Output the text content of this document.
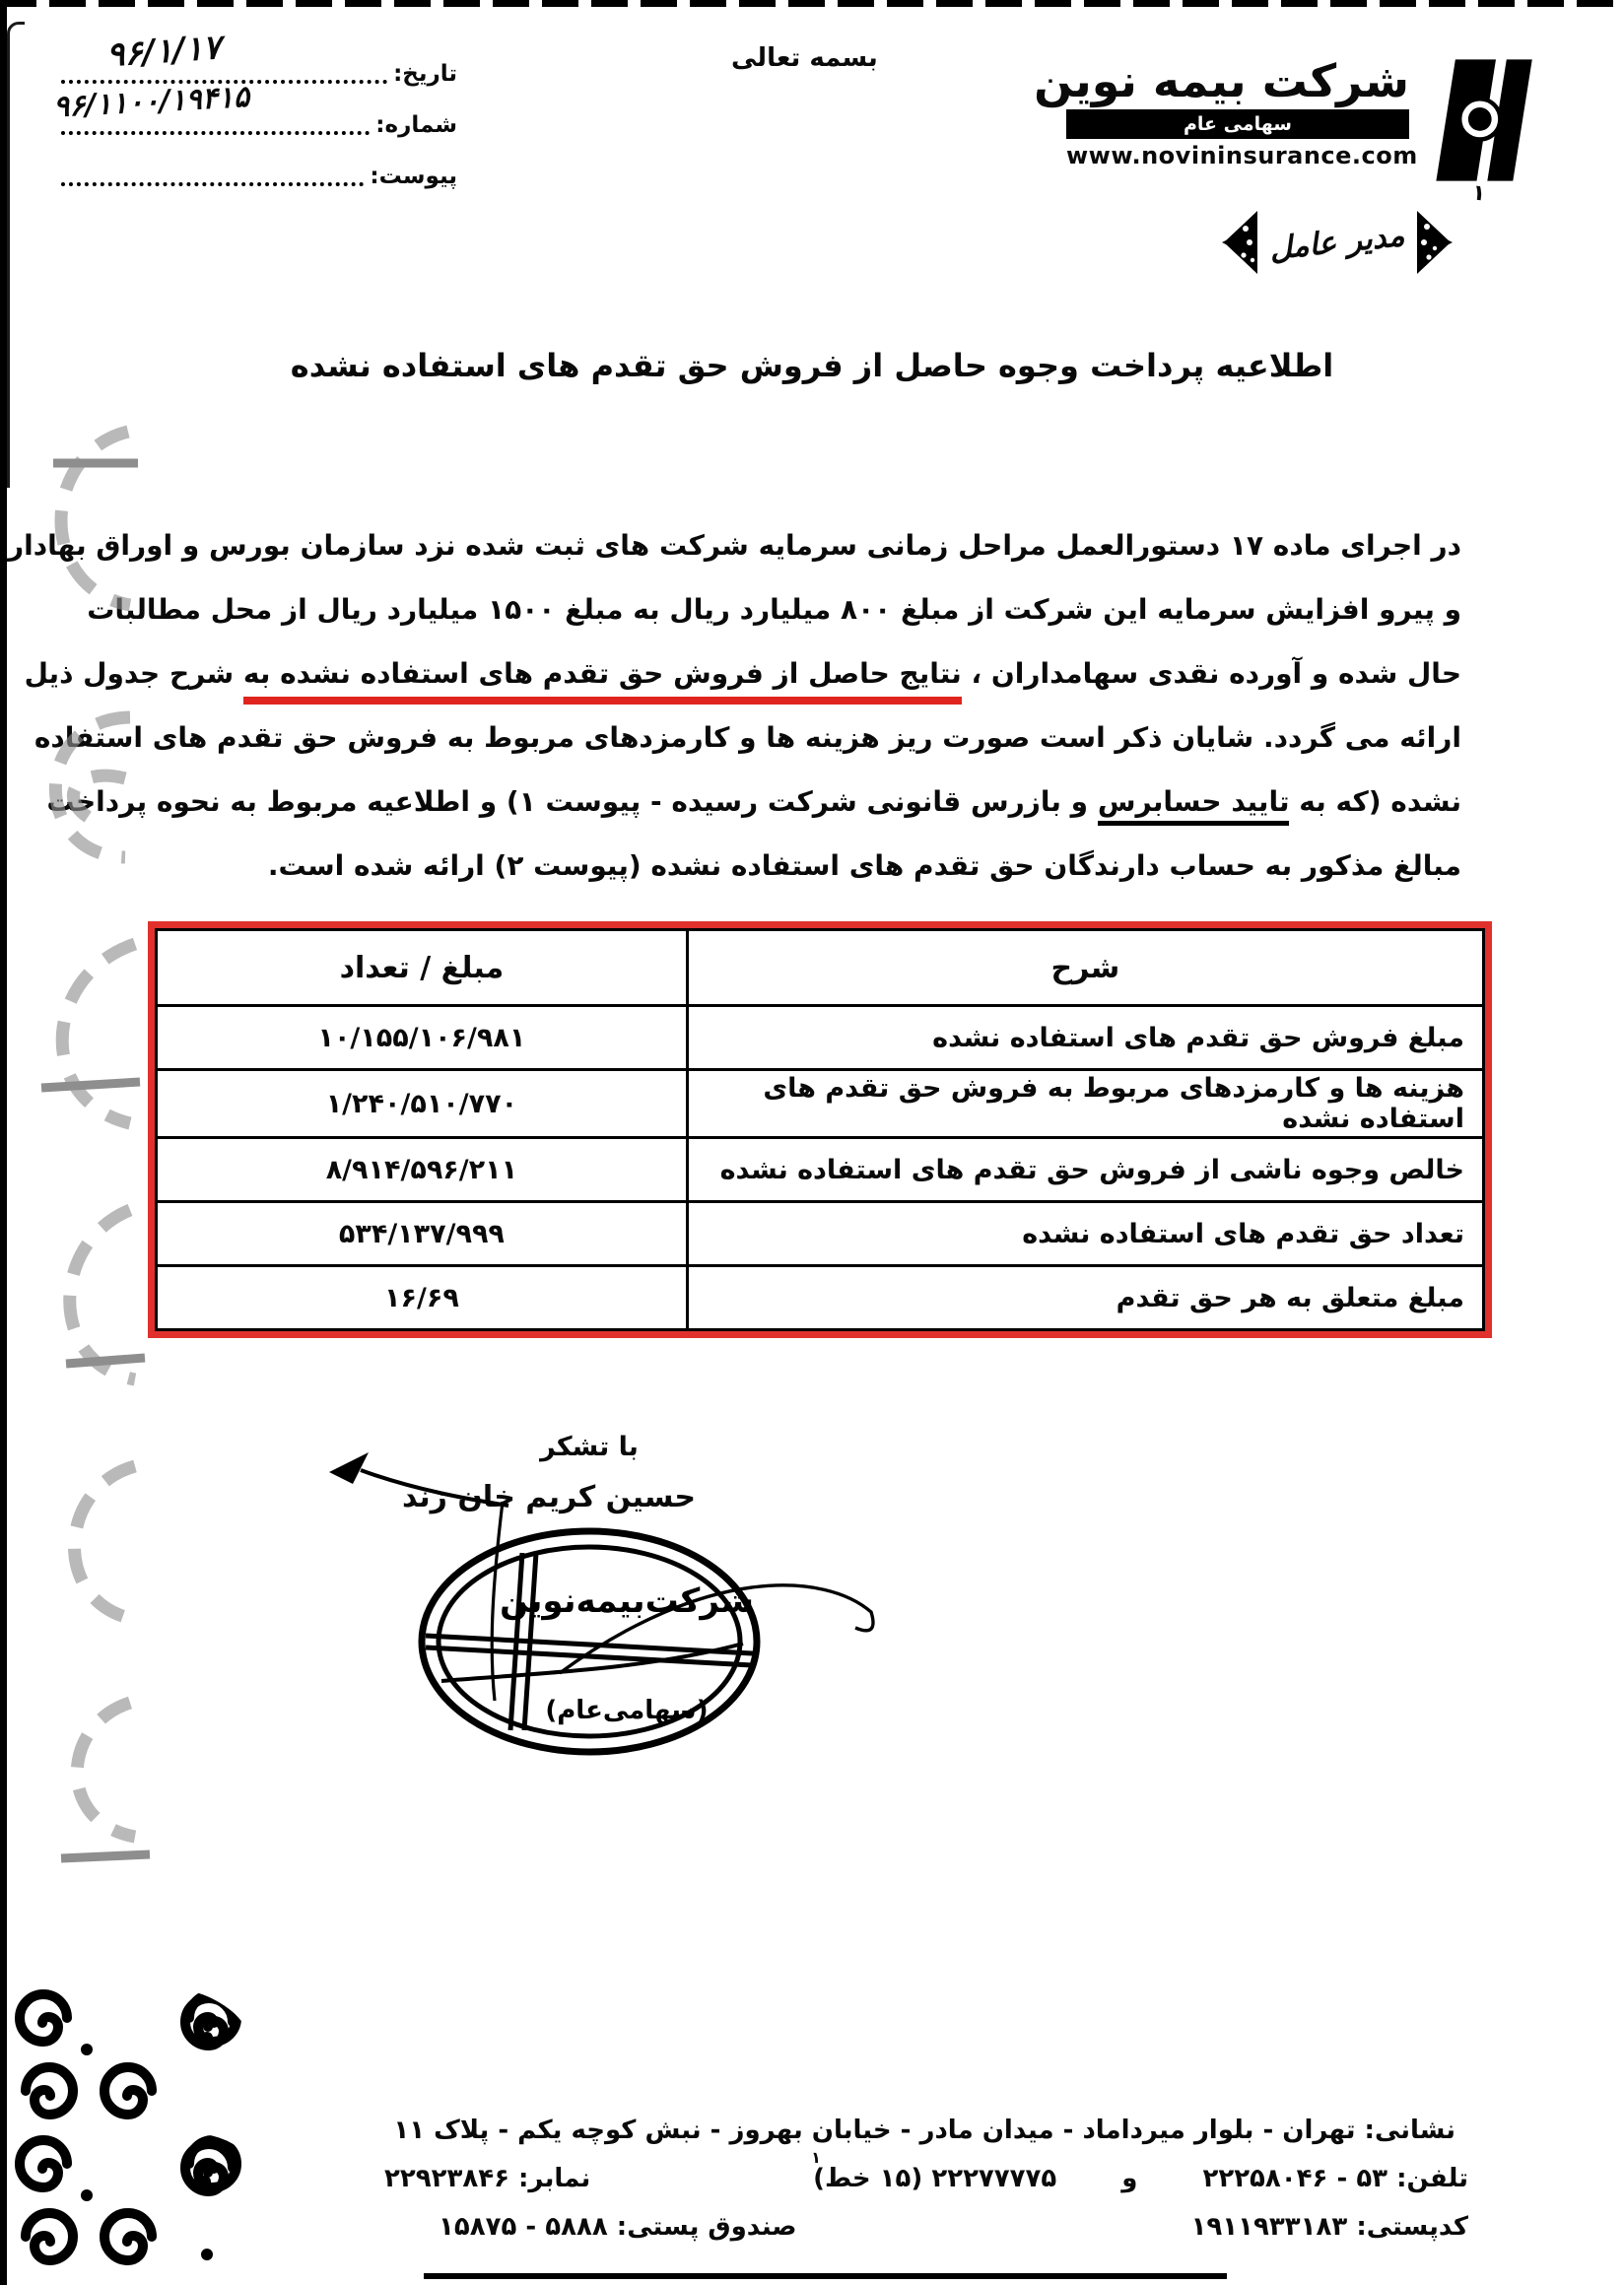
تاریخ:
۹۶/۱/۱۷
شماره:
۹۶/۱۱۰۰/۱۹۴۱۵
پیوست:
بسمه تعالی	شرکت بیمه نوین
سهامی عام
www.novininsurance.com
مدیر عامل
اطلاعیه پرداخت وجوه حاصل از فروش حق تقدم های استفاده نشده
در اجرای ماده ۱۷ دستورالعمل مراحل زمانی سرمایه شرکت های ثبت شده نزد سازمان بورس و اوراق بهادار
و پیرو افزایش سرمایه این شرکت از مبلغ ۸۰۰ میلیارد ریال به مبلغ ۱۵۰۰ میلیارد ریال از محل مطالبات
حال شده و آورده نقدی سهامداران ، نتایج حاصل از فروش حق تقدم های استفاده نشده به شرح جدول ذیل
ارائه می گردد. شایان ذکر است صورت ریز هزینه ها و کارمزدهای مربوط به فروش حق تقدم های استفاده
نشده (که به تایید حسابرس و بازرس قانونی شرکت رسیده - پیوست ۱) و اطلاعیه مربوط به نحوه پرداخت
مبالغ مذکور به حساب دارندگان حق تقدم های استفاده نشده (پیوست ۲) ارائه شده است.
شرح	مبلغ / تعداد
مبلغ فروش حق تقدم های استفاده نشده	۱۰/۱۵۵/۱۰۶/۹۸۱
هزینه ها و کارمزدهای مربوط به فروش حق تقدم های استفاده نشده	۱/۲۴۰/۵۱۰/۷۷۰
خالص وجوه ناشی از فروش حق تقدم های استفاده نشده	۸/۹۱۴/۵۹۶/۲۱۱
تعداد حق تقدم های استفاده نشده	۵۳۴/۱۳۷/۹۹۹
مبلغ متعلق به هر حق تقدم	۱۶/۶۹
با تشکر
حسین کریم خان زند
شرکت‌بیمه‌نوین
(سهامی‌عام)
نشانی: تهران - بلوار میرداماد - میدان مادر - خیابان بهروز - نبش کوچه یکم - پلاک ۱۱
تلفن: ۵۳ - ۲۲۲۵۸۰۴۶
و
۲۲۲۷۷۷۷۵ (۱۵ خط)
۱
نمابر: ۲۲۹۲۳۸۴۶
کدپستی: ۱۹۱۱۹۳۳۱۸۳
صندوق پستی: ۵۸۸۸ - ۱۵۸۷۵
۱
